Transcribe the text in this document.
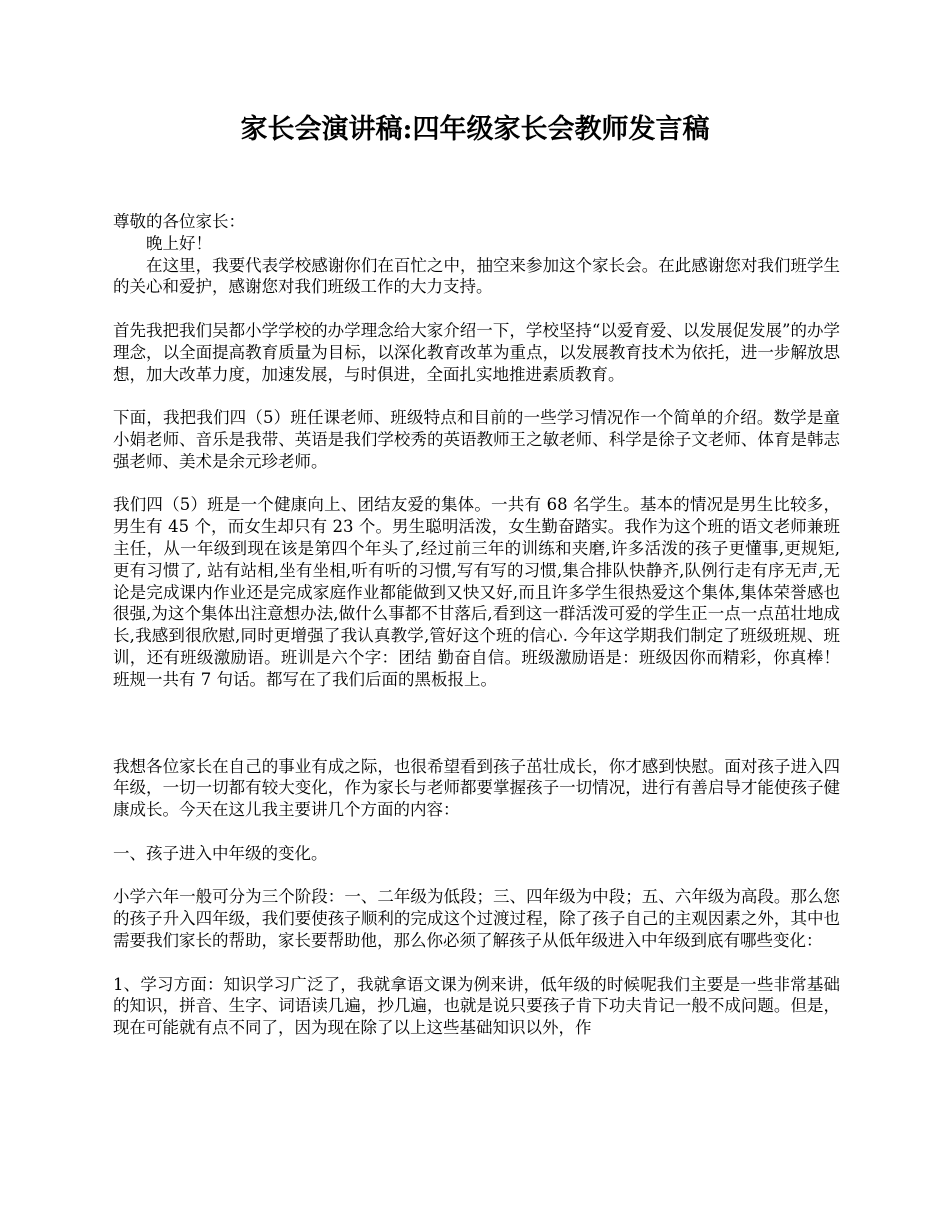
家长会演讲稿:四年级家长会教师发言稿

尊敬的各位家长：

晚上好！

在这里，我要代表学校感谢你们在百忙之中，抽空来参加这个家长会。在此感谢您对我们班学生的关心和爱护，感谢您对我们班级工作的大力支持。

首先我把我们吴都小学学校的办学理念给大家介绍一下，学校坚持“以爱育爱、以发展促发展”的办学理念，以全面提高教育质量为目标，以深化教育改革为重点，以发展教育技术为依托，进一步解放思想，加大改革力度，加速发展，与时俱进，全面扎实地推进素质教育。

下面，我把我们四（5）班任课老师、班级特点和目前的一些学习情况作一个简单的介绍。数学是童小娟老师、音乐是我带、英语是我们学校秀的英语教师王之敏老师、科学是徐子文老师、体育是韩志强老师、美术是余元珍老师。

我们四（5）班是一个健康向上、团结友爱的集体。一共有 68 名学生。基本的情况是男生比较多，男生有 45 个，而女生却只有 23 个。男生聪明活泼，女生勤奋踏实。我作为这个班的语文老师兼班主任，从一年级到现在该是第四个年头了,经过前三年的训练和夹磨,许多活泼的孩子更懂事,更规矩,更有习惯了, 站有站相,坐有坐相,听有听的习惯,写有写的习惯,集合排队快静齐,队例行走有序无声,无论是完成课内作业还是完成家庭作业都能做到又快又好,而且许多学生很热爱这个集体,集体荣誉感也很强,为这个集体出注意想办法,做什么事都不甘落后,看到这一群活泼可爱的学生正一点一点茁壮地成长,我感到很欣慰,同时更增强了我认真教学,管好这个班的信心. 今年这学期我们制定了班级班规、班训，还有班级激励语。班训是六个字：团结 勤奋自信。班级激励语是：班级因你而精彩，你真棒！班规一共有 7 句话。都写在了我们后面的黑板报上。

我想各位家长在自己的事业有成之际，也很希望看到孩子茁壮成长，你才感到快慰。面对孩子进入四年级，一切一切都有较大变化，作为家长与老师都要掌握孩子一切情况，进行有善启导才能使孩子健康成长。今天在这儿我主要讲几个方面的内容：

一、孩子进入中年级的变化。

小学六年一般可分为三个阶段：一、二年级为低段；三、四年级为中段；五、六年级为高段。那么您的孩子升入四年级，我们要使孩子顺利的完成这个过渡过程，除了孩子自己的主观因素之外，其中也需要我们家长的帮助，家长要帮助他，那么你必须了解孩子从低年级进入中年级到底有哪些变化：

1、学习方面：知识学习广泛了，我就拿语文课为例来讲，低年级的时候呢我们主要是一些非常基础的知识，拼音、生字、词语读几遍，抄几遍，也就是说只要孩子肯下功夫肯记一般不成问题。但是，现在可能就有点不同了，因为现在除了以上这些基础知识以外，作
